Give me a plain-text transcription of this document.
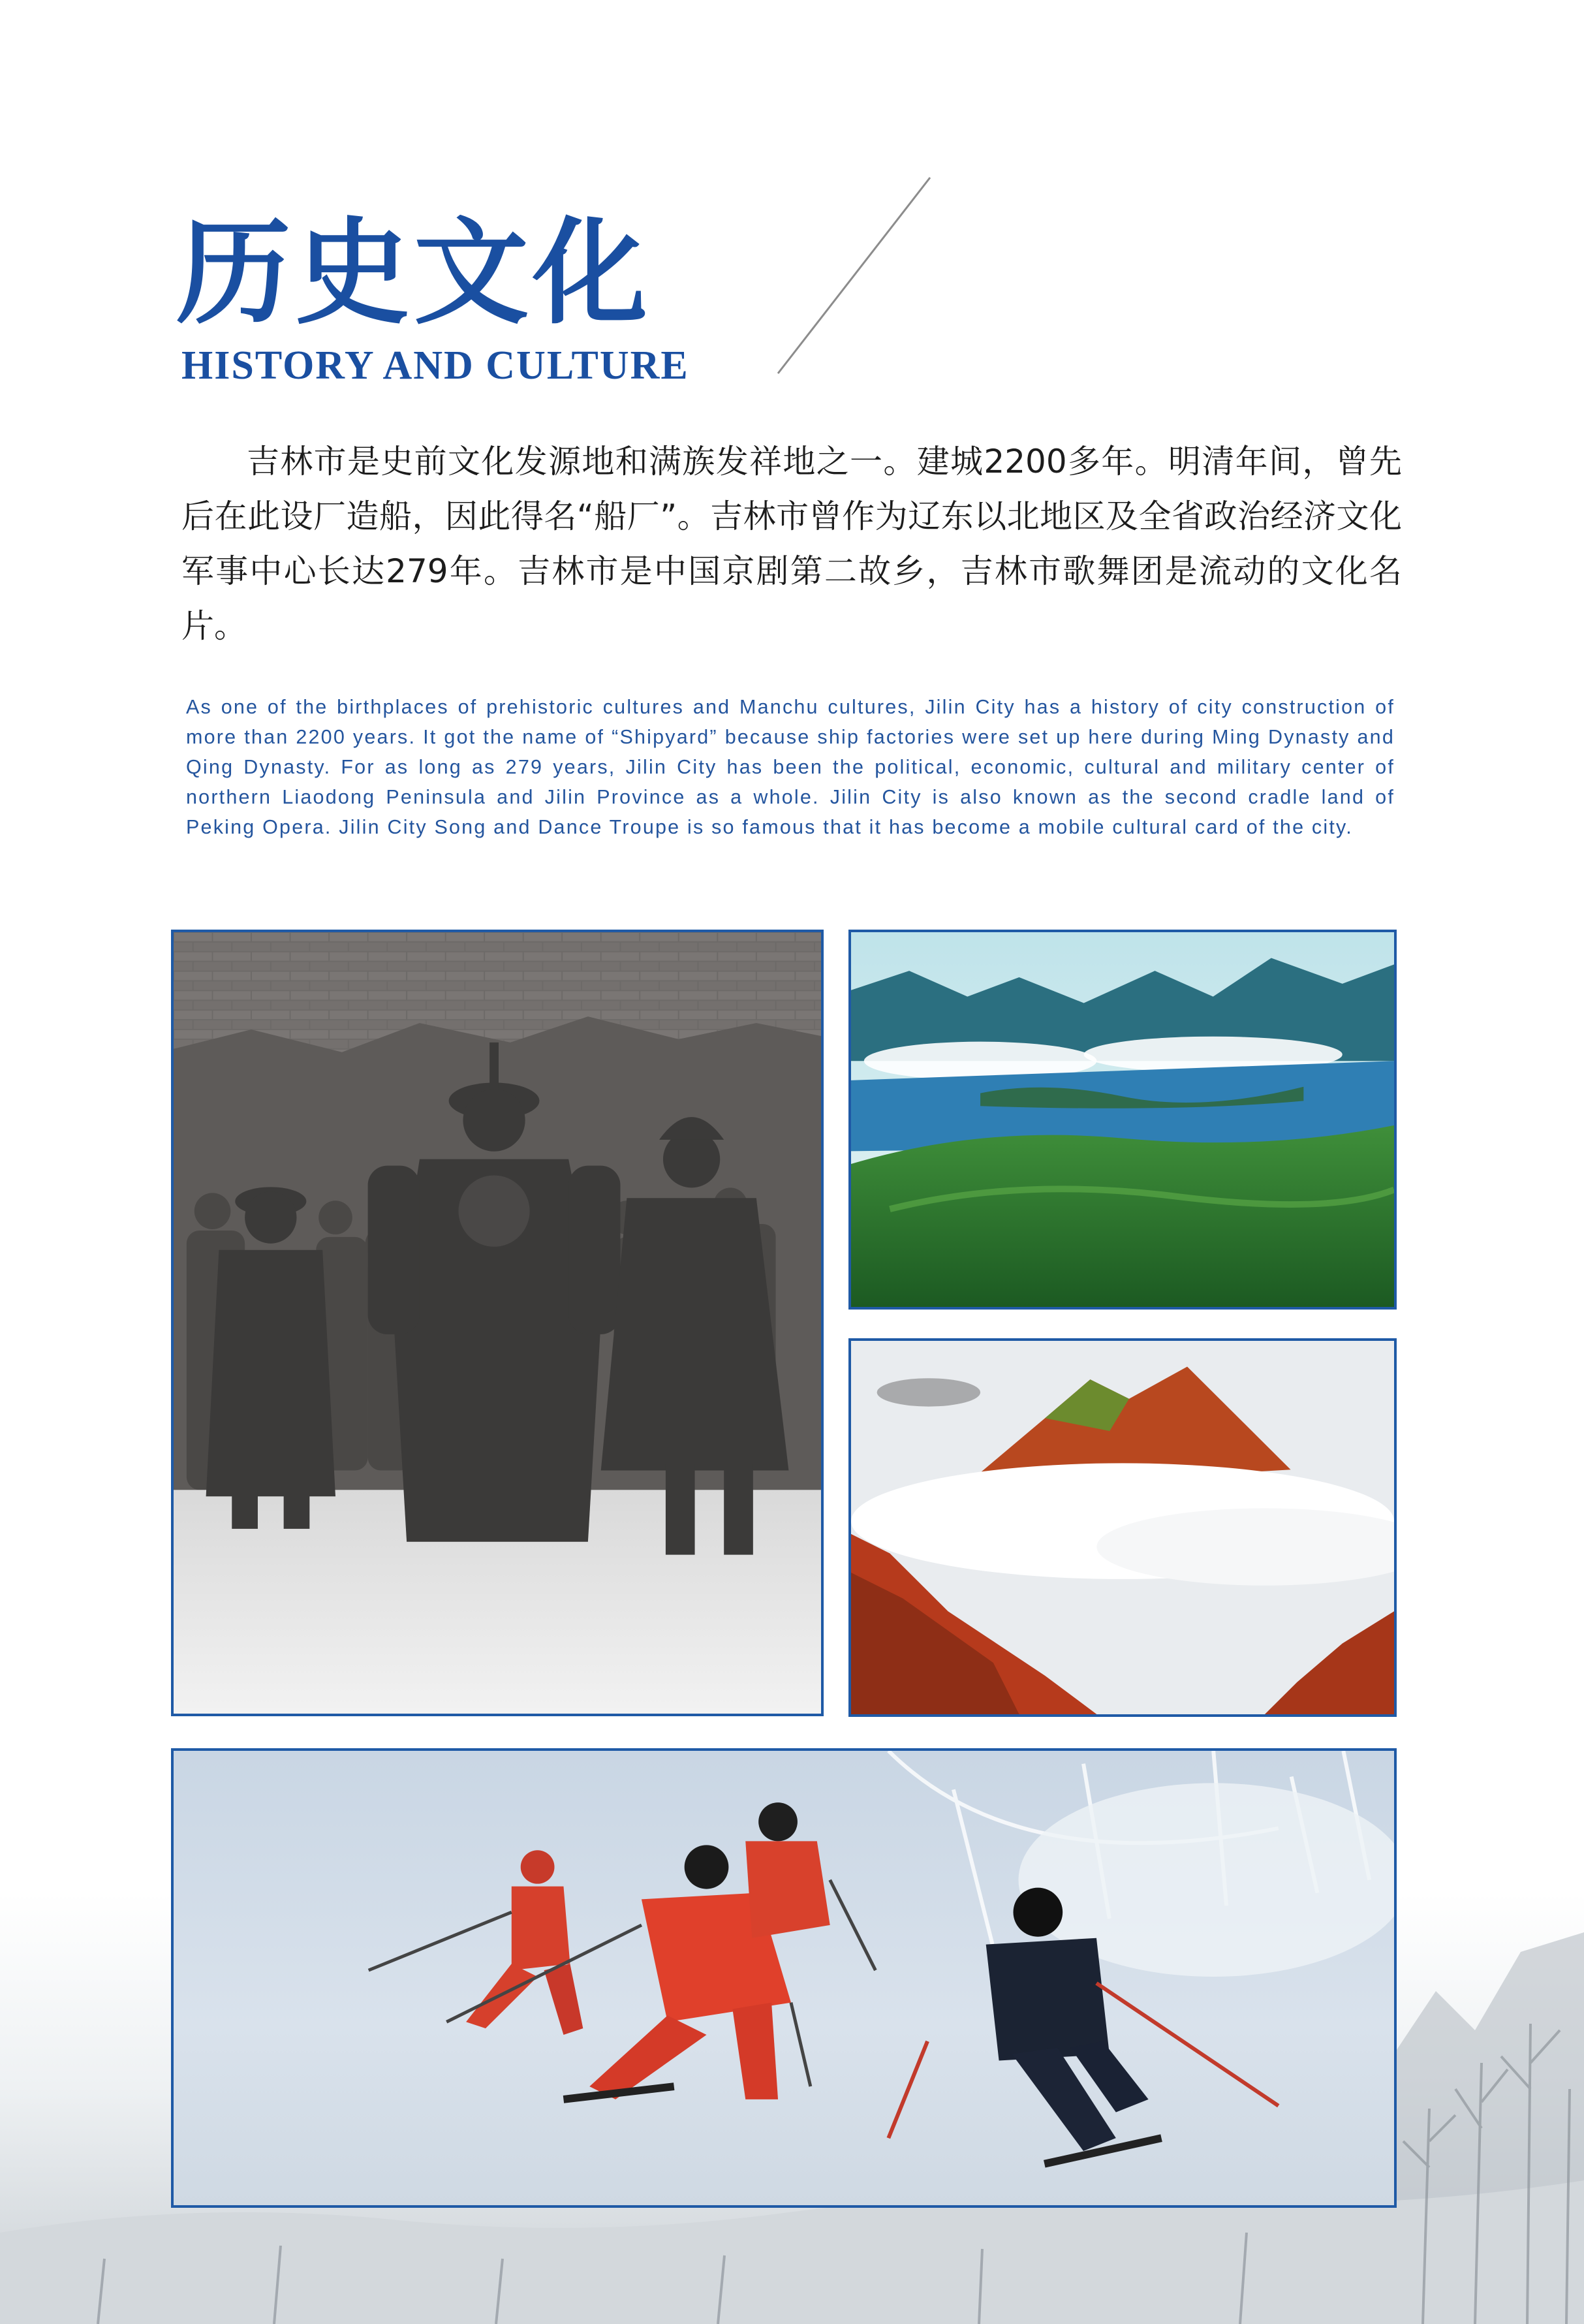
历史文化
HISTORY AND CULTURE

吉林市是史前文化发源地和满族发祥地之一。建城2200多年。明清年间，曾先后在此设厂造船，因此得名“船厂”。吉林市曾作为辽东以北地区及全省政治经济文化军事中心长达279年。吉林市是中国京剧第二故乡，吉林市歌舞团是流动的文化名片。

As one of the birthplaces of prehistoric cultures and Manchu cultures, Jilin City has a history of city construction of more than 2200 years. It got the name of “Shipyard” because ship factories were set up here during Ming Dynasty and Qing Dynasty. For as long as 279 years, Jilin City has been the political, economic, cultural and military center of northern Liaodong Peninsula and Jilin Province as a whole. Jilin City is also known as the second cradle land of Peking Opera. Jilin City Song and Dance Troupe is so famous that it has become a mobile cultural card of the city.
